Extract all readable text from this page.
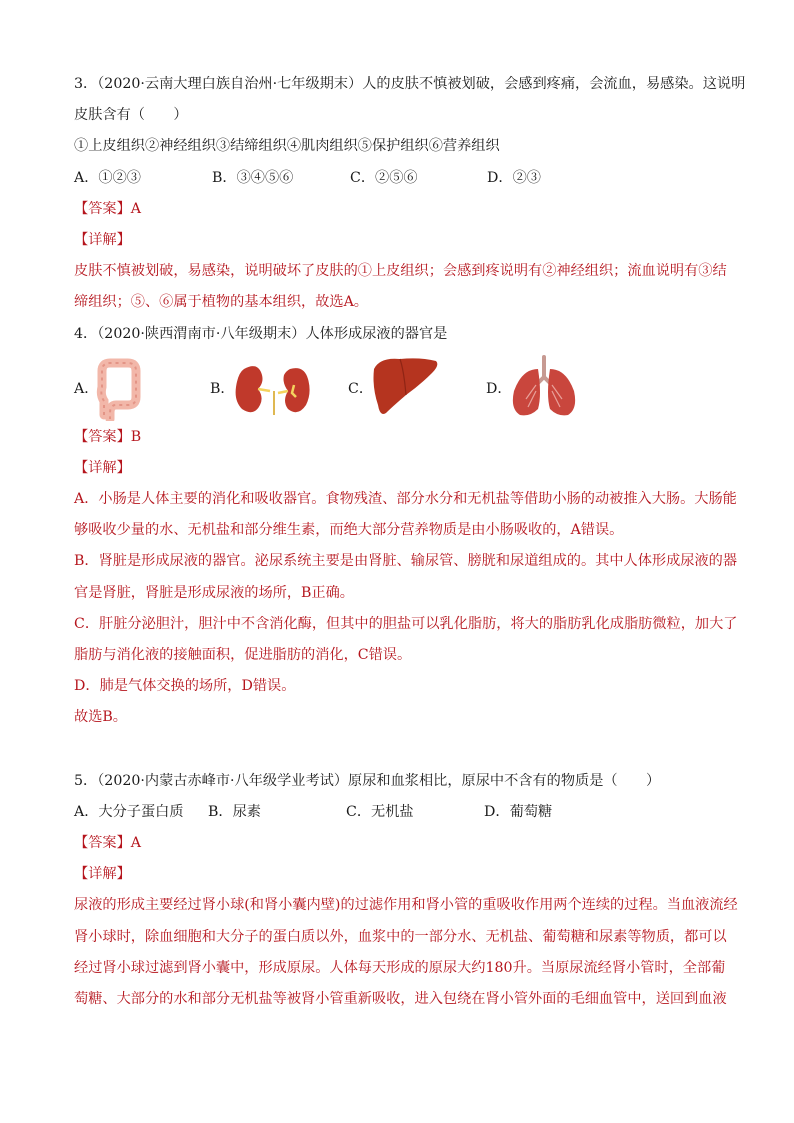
3．（2020·云南大理白族自治州·七年级期末）人的皮肤不慎被划破，会感到疼痛，会流血，易感染。这说明
皮肤含有（　　）
①上皮组织②神经组织③结缔组织④肌肉组织⑤保护组织⑥营养组织
A．①②③	B．③④⑤⑥	C．②⑤⑥	D．②③
【答案】A
【详解】
皮肤不慎被划破，易感染，说明破坏了皮肤的①上皮组织；会感到疼说明有②神经组织；流血说明有③结
缔组织；⑤、⑥属于植物的基本组织，故选A。
4．（2020·陕西渭南市·八年级期末）人体形成尿液的器官是
A．	B．	C．	D．
【答案】B
【详解】
A．小肠是人体主要的消化和吸收器官。食物残渣、部分水分和无机盐等借助小肠的动被推入大肠。大肠能
够吸收少量的水、无机盐和部分维生素，而绝大部分营养物质是由小肠吸收的，A错误。
B．肾脏是形成尿液的器官。泌尿系统主要是由肾脏、输尿管、膀胱和尿道组成的。其中人体形成尿液的器
官是肾脏，肾脏是形成尿液的场所，B正确。
C．肝脏分泌胆汁，胆汁中不含消化酶，但其中的胆盐可以乳化脂肪，将大的脂肪乳化成脂肪微粒，加大了
脂肪与消化液的接触面积，促进脂肪的消化，C错误。
D．肺是气体交换的场所，D错误。
故选B。
5．（2020·内蒙古赤峰市·八年级学业考试）原尿和血浆相比，原尿中不含有的物质是（　　）
A．大分子蛋白质	B．尿素	C．无机盐	D．葡萄糖
【答案】A
【详解】
尿液的形成主要经过肾小球(和肾小囊内壁)的过滤作用和肾小管的重吸收作用两个连续的过程。当血液流经
肾小球时，除血细胞和大分子的蛋白质以外，血浆中的一部分水、无机盐、葡萄糖和尿素等物质，都可以
经过肾小球过滤到肾小囊中，形成原尿。人体每天形成的原尿大约180升。当原尿流经肾小管时，全部葡
萄糖、大部分的水和部分无机盐等被肾小管重新吸收，进入包绕在肾小管外面的毛细血管中，送回到血液
